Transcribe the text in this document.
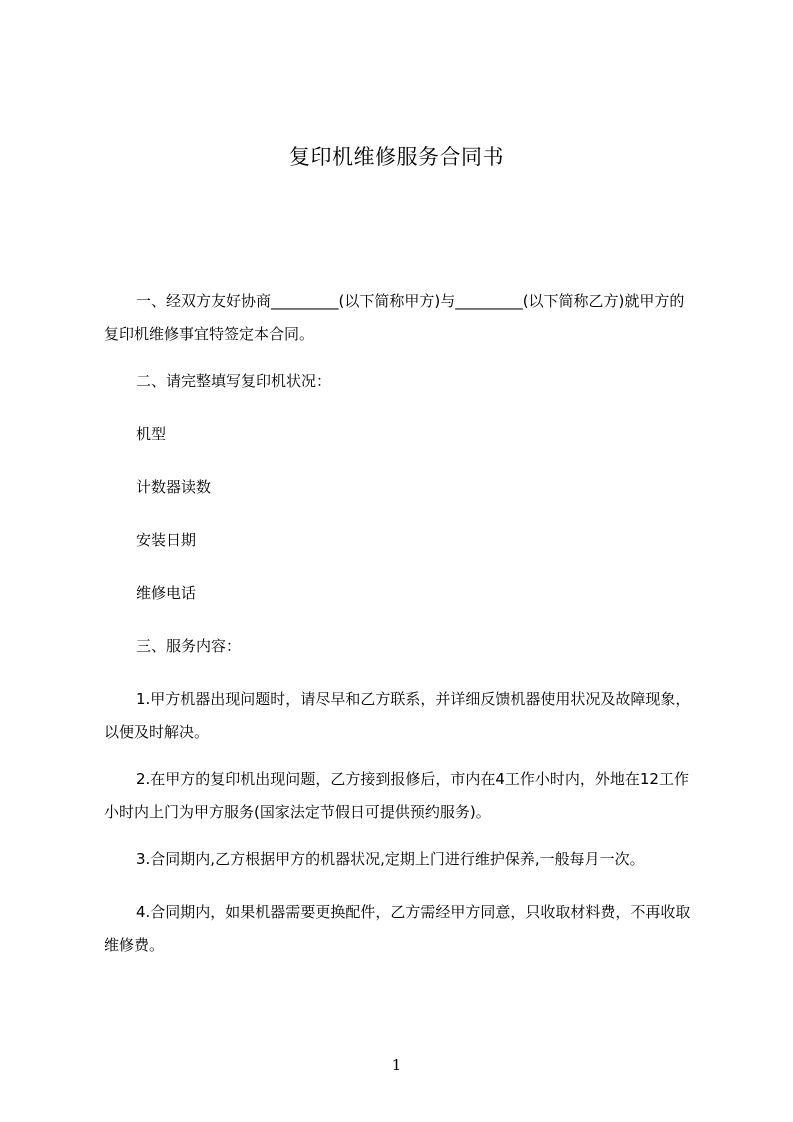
复印机维修服务合同书
一、经双方友好协商_________(以下简称甲方)与_________(以下简称乙方)就甲方的复印机维修事宜特签定本合同。
二、请完整填写复印机状况：
机型
计数器读数
安装日期
维修电话
三、服务内容：
1.甲方机器出现问题时，请尽早和乙方联系，并详细反馈机器使用状况及故障现象，以便及时解决。
2.在甲方的复印机出现问题，乙方接到报修后，市内在4工作小时内，外地在12工作小时内上门为甲方服务(国家法定节假日可提供预约服务)。
3.合同期内,乙方根据甲方的机器状况,定期上门进行维护保养,一般每月一次。
4.合同期内，如果机器需要更换配件，乙方需经甲方同意，只收取材料费，不再收取维修费。
1
